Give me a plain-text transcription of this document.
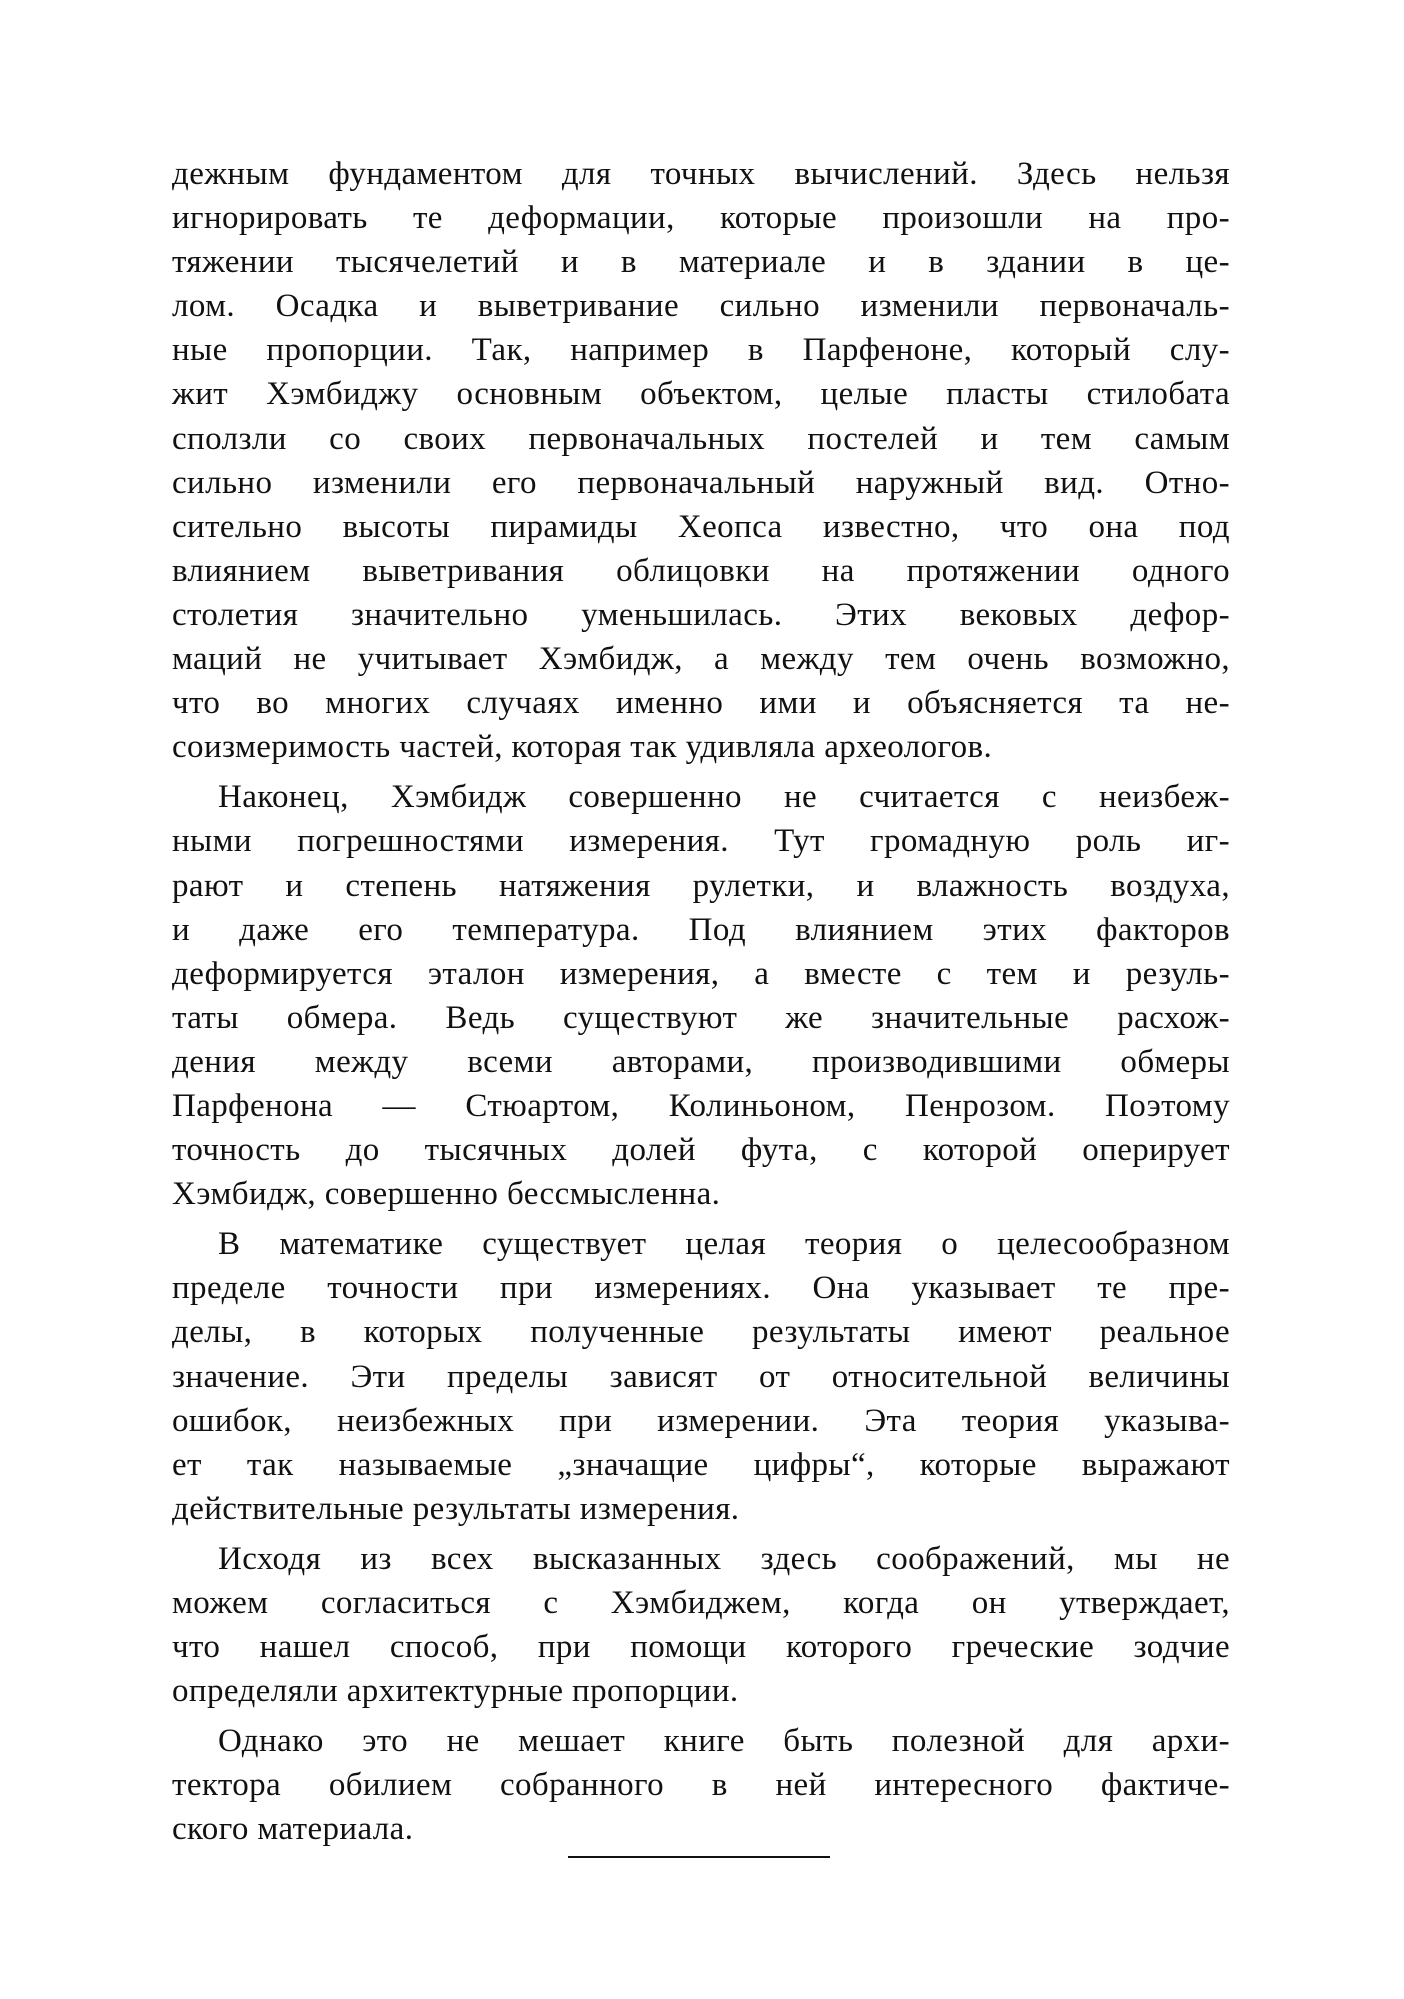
дежным фундаментом для точных вычислений. Здесь нельзя
игнорировать те деформации, которые произошли на про-
тяжении тысячелетий и в материале и в здании в це-
лом. Осадка и выветривание сильно изменили первоначаль-
ные пропорции. Так, например в Парфеноне, который слу-
жит Хэмбиджу основным объектом, целые пласты стилобата
сползли со своих первоначальных постелей и тем самым
сильно изменили его первоначальный наружный вид. Отно-
сительно высоты пирамиды Хеопса известно, что она под
влиянием выветривания облицовки на протяжении одного
столетия значительно уменьшилась. Этих вековых дефор-
маций не учитывает Хэмбидж, а между тем очень возможно,
что во многих случаях именно ими и объясняется та не-
соизмеримость частей, которая так удивляла археологов.

Наконец, Хэмбидж совершенно не считается с неизбеж-
ными погрешностями измерения. Тут громадную роль иг-
рают и степень натяжения рулетки, и влажность воздуха,
и даже его температура. Под влиянием этих факторов
деформируется эталон измерения, а вместе с тем и резуль-
таты обмера. Ведь существуют же значительные расхож-
дения между всеми авторами, производившими обмеры
Парфенона — Стюартом, Колиньоном, Пенрозом. Поэтому
точность до тысячных долей фута, с которой оперирует
Хэмбидж, совершенно бессмысленна.

В математике существует целая теория о целесообразном
пределе точности при измерениях. Она указывает те пре-
делы, в которых полученные результаты имеют реальное
значение. Эти пределы зависят от относительной величины
ошибок, неизбежных при измерении. Эта теория указыва-
ет так называемые „значащие цифры“, которые выражают
действительные результаты измерения.

Исходя из всех высказанных здесь соображений, мы не
можем согласиться с Хэмбиджем, когда он утверждает,
что нашел способ, при помощи которого греческие зодчие
определяли архитектурные пропорции.

Однако это не мешает книге быть полезной для архи-
тектора обилием собранного в ней интересного фактиче-
ского материала.
